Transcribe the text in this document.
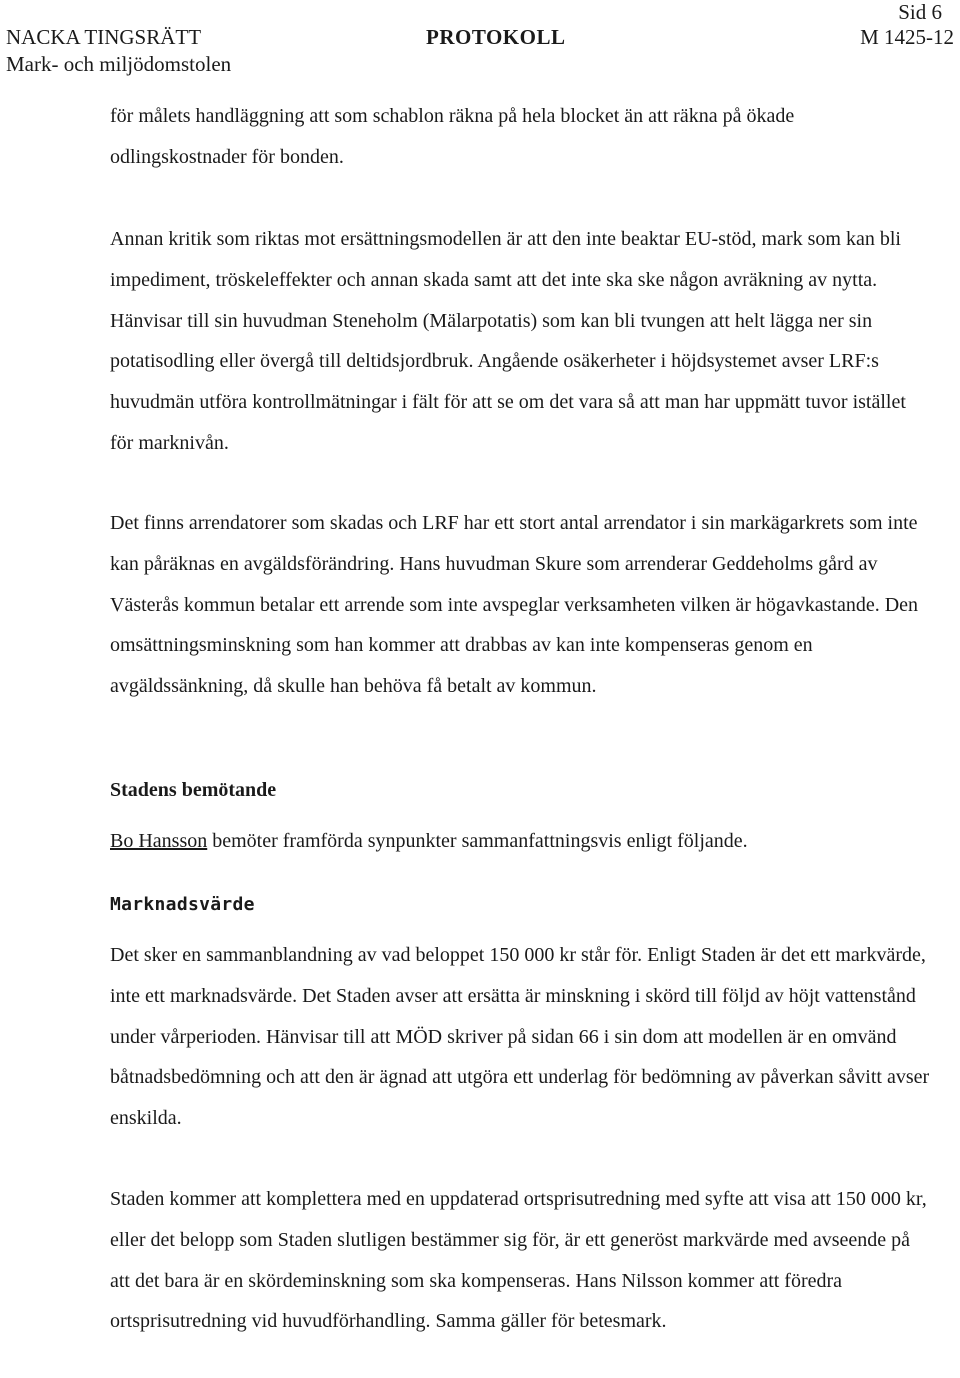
Sid 6
NACKA TINGSRÄTT
Mark- och miljödomstolen
PROTOKOLL	M 1425-12

för målets handläggning att som schablon räkna på hela blocket än att räkna på ökade odlingskostnader för bonden.

Annan kritik som riktas mot ersättningsmodellen är att den inte beaktar EU-stöd, mark som kan bli impediment, tröskeleffekter och annan skada samt att det inte ska ske någon avräkning av nytta. Hänvisar till sin huvudman Steneholm (Mälarpotatis) som kan bli tvungen att helt lägga ner sin potatisodling eller övergå till deltidsjordbruk. Angående osäkerheter i höjdsystemet avser LRF:s huvudmän utföra kontrollmätningar i fält för att se om det vara så att man har uppmätt tuvor istället för marknivån.

Det finns arrendatorer som skadas och LRF har ett stort antal arrendator i sin markägarkrets som inte kan påräknas en avgäldsförändring. Hans huvudman Skure som arrenderar Geddeholms gård av Västerås kommun betalar ett arrende som inte avspeglar verksamheten vilken är högavkastande. Den omsättningsminskning som han kommer att drabbas av kan inte kompenseras genom en avgäldssänkning, då skulle han behöva få betalt av kommun.

Stadens bemötande

Bo Hansson bemöter framförda synpunkter sammanfattningsvis enligt följande.

Marknadsvärde

Det sker en sammanblandning av vad beloppet 150 000 kr står för. Enligt Staden är det ett markvärde, inte ett marknadsvärde. Det Staden avser att ersätta är minskning i skörd till följd av höjt vattenstånd under vårperioden. Hänvisar till att MÖD skriver på sidan 66 i sin dom att modellen är en omvänd båtnadsbedömning och att den är ägnad att utgöra ett underlag för bedömning av påverkan såvitt avser enskilda.

Staden kommer att komplettera med en uppdaterad ortsprisutredning med syfte att visa att 150 000 kr, eller det belopp som Staden slutligen bestämmer sig för, är ett generöst markvärde med avseende på att det bara är en skördeminskning som ska kompenseras. Hans Nilsson kommer att föredra ortsprisutredning vid huvudförhandling. Samma gäller för betesmark.
